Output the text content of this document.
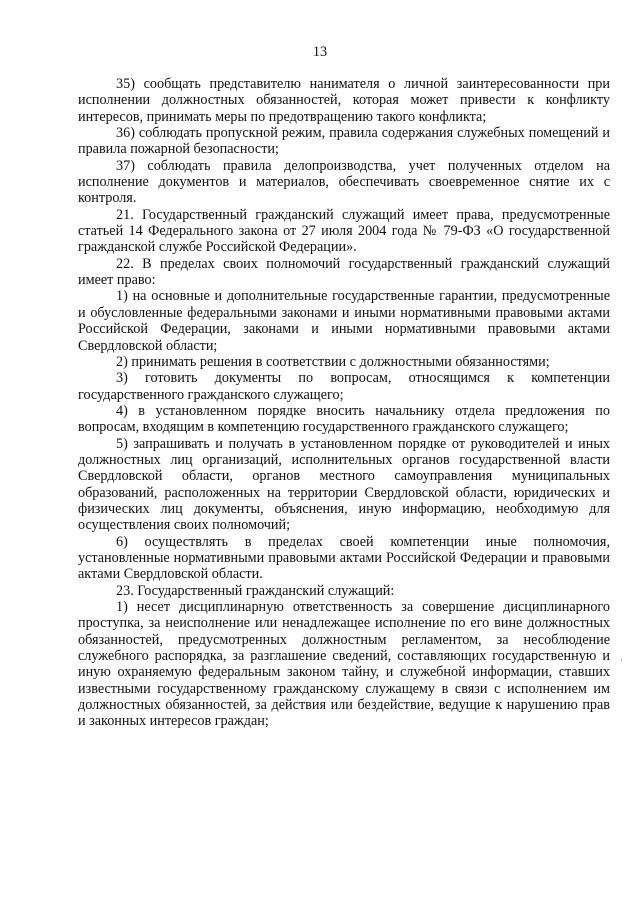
13

35) сообщать представителю нанимателя о личной заинтересованности при исполнении должностных обязанностей, которая может привести к конфликту интересов, принимать меры по предотвращению такого конфликта;

36) соблюдать пропускной режим, правила содержания служебных помещений и правила пожарной безопасности;

37) соблюдать правила делопроизводства, учет полученных отделом на исполнение документов и материалов, обеспечивать своевременное снятие их с контроля.

21. Государственный гражданский служащий имеет права, предусмотренные статьей 14 Федерального закона от 27 июля 2004 года № 79-ФЗ «О государственной гражданской службе Российской Федерации».

22. В пределах своих полномочий государственный гражданский служащий имеет право:

1) на основные и дополнительные государственные гарантии, предусмотренные и обусловленные федеральными законами и иными нормативными правовыми актами Российской Федерации, законами и иными нормативными правовыми актами Свердловской области;

2) принимать решения в соответствии с должностными обязанностями;

3) готовить документы по вопросам, относящимся к компетенции государственного гражданского служащего;

4) в установленном порядке вносить начальнику отдела предложения по вопросам, входящим в компетенцию государственного гражданского служащего;

5) запрашивать и получать в установленном порядке от руководителей и иных должностных лиц организаций, исполнительных органов государственной власти Свердловской области, органов местного самоуправления муниципальных образований, расположенных на территории Свердловской области, юридических и физических лиц документы, объяснения, иную информацию, необходимую для осуществления своих полномочий;

6) осуществлять в пределах своей компетенции иные полномочия, установленные нормативными правовыми актами Российской Федерации и правовыми актами Свердловской области.

23. Государственный гражданский служащий:

1) несет дисциплинарную ответственность за совершение дисциплинарного проступка, за неисполнение или ненадлежащее исполнение по его вине должностных обязанностей, предусмотренных должностным регламентом, за несоблюдение служебного распорядка, за разглашение сведений, составляющих государственную и иную охраняемую федеральным законом тайну, и служебной информации, ставших известными государственному гражданскому служащему в связи с исполнением им должностных обязанностей, за действия или бездействие, ведущие к нарушению прав и законных интересов граждан;

·
